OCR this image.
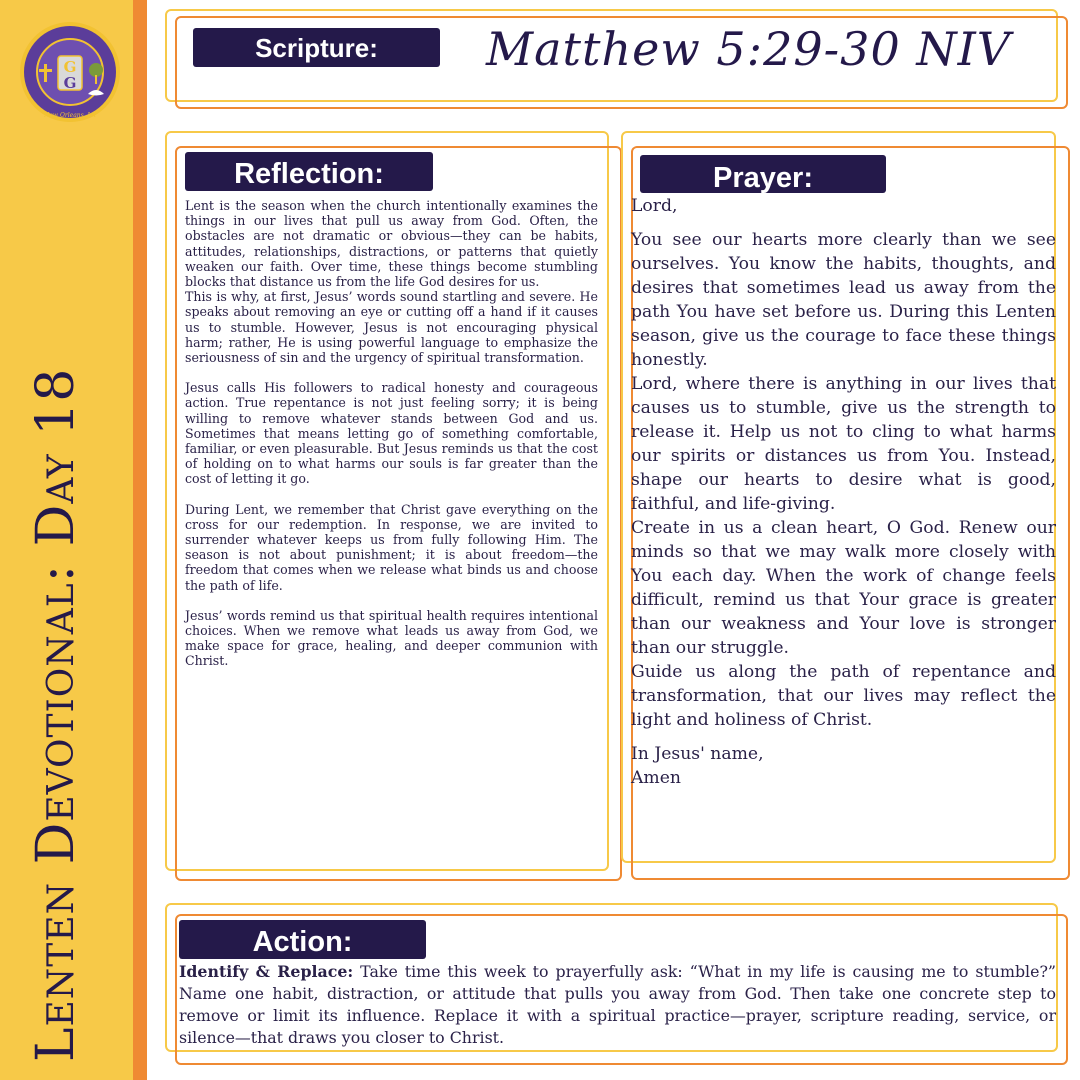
G
G
New Orleans, LA
Lenten Devotional: Day 18
Scripture:	Matthew 5:29-30 NIV
Reflection:

Lent is the season when the church intentionally examines the things in our lives that pull us away from God. Often, the obstacles are not dramatic or obvious—they can be habits, attitudes, relationships, distractions, or patterns that quietly weaken our faith. Over time, these things become stumbling blocks that distance us from the life God desires for us.

This is why, at first, Jesus’ words sound startling and severe. He speaks about removing an eye or cutting off a hand if it causes us to stumble. However, Jesus is not encouraging physical harm; rather, He is using powerful language to emphasize the seriousness of sin and the urgency of spiritual transformation.

Jesus calls His followers to radical honesty and courageous action. True repentance is not just feeling sorry; it is being willing to remove whatever stands between God and us. Sometimes that means letting go of something comfortable, familiar, or even pleasurable. But Jesus reminds us that the cost of holding on to what harms our souls is far greater than the cost of letting it go.

During Lent, we remember that Christ gave everything on the cross for our redemption. In response, we are invited to surrender whatever keeps us from fully following Him. The season is not about punishment; it is about freedom—the freedom that comes when we release what binds us and choose the path of life.

Jesus’ words remind us that spiritual health requires intentional choices. When we remove what leads us away from God, we make space for grace, healing, and deeper communion with Christ.

Prayer:

Lord,

You see our hearts more clearly than we see ourselves. You know the habits, thoughts, and desires that sometimes lead us away from the path You have set before us. During this Lenten season, give us the courage to face these things honestly.

Lord, where there is anything in our lives that causes us to stumble, give us the strength to release it. Help us not to cling to what harms our spirits or distances us from You. Instead, shape our hearts to desire what is good, faithful, and life-giving.

Create in us a clean heart, O God. Renew our minds so that we may walk more closely with You each day. When the work of change feels difficult, remind us that Your grace is greater than our weakness and Your love is stronger than our struggle.

Guide us along the path of repentance and transformation, that our lives may reflect the light and holiness of Christ.

In Jesus' name,

Amen

Action:
Identify & Replace: Take time this week to prayerfully ask: “What in my life is causing me to stumble?” Name one habit, distraction, or attitude that pulls you away from God. Then take one concrete step to remove or limit its influence. Replace it with a spiritual practice—prayer, scripture reading, service, or silence—that draws you closer to Christ.
